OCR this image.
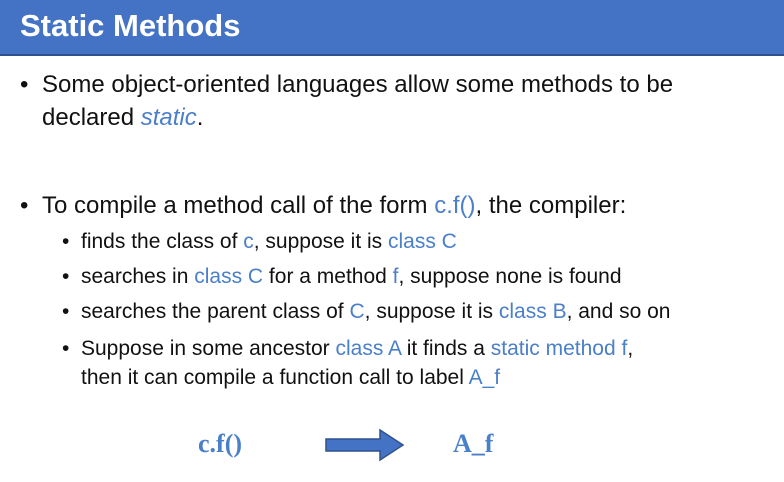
Static Methods
• Some object-oriented languages allow some methods to be
declared static.
• To compile a method call of the form c.f(), the compiler:
• finds the class of c, suppose it is class C
• searches in class C for a method f, suppose none is found
• searches the parent class of C, suppose it is class B, and so on
• Suppose in some ancestor class A it finds a static method f,
then it can compile a function call to label A_f
c.f()	A_f
